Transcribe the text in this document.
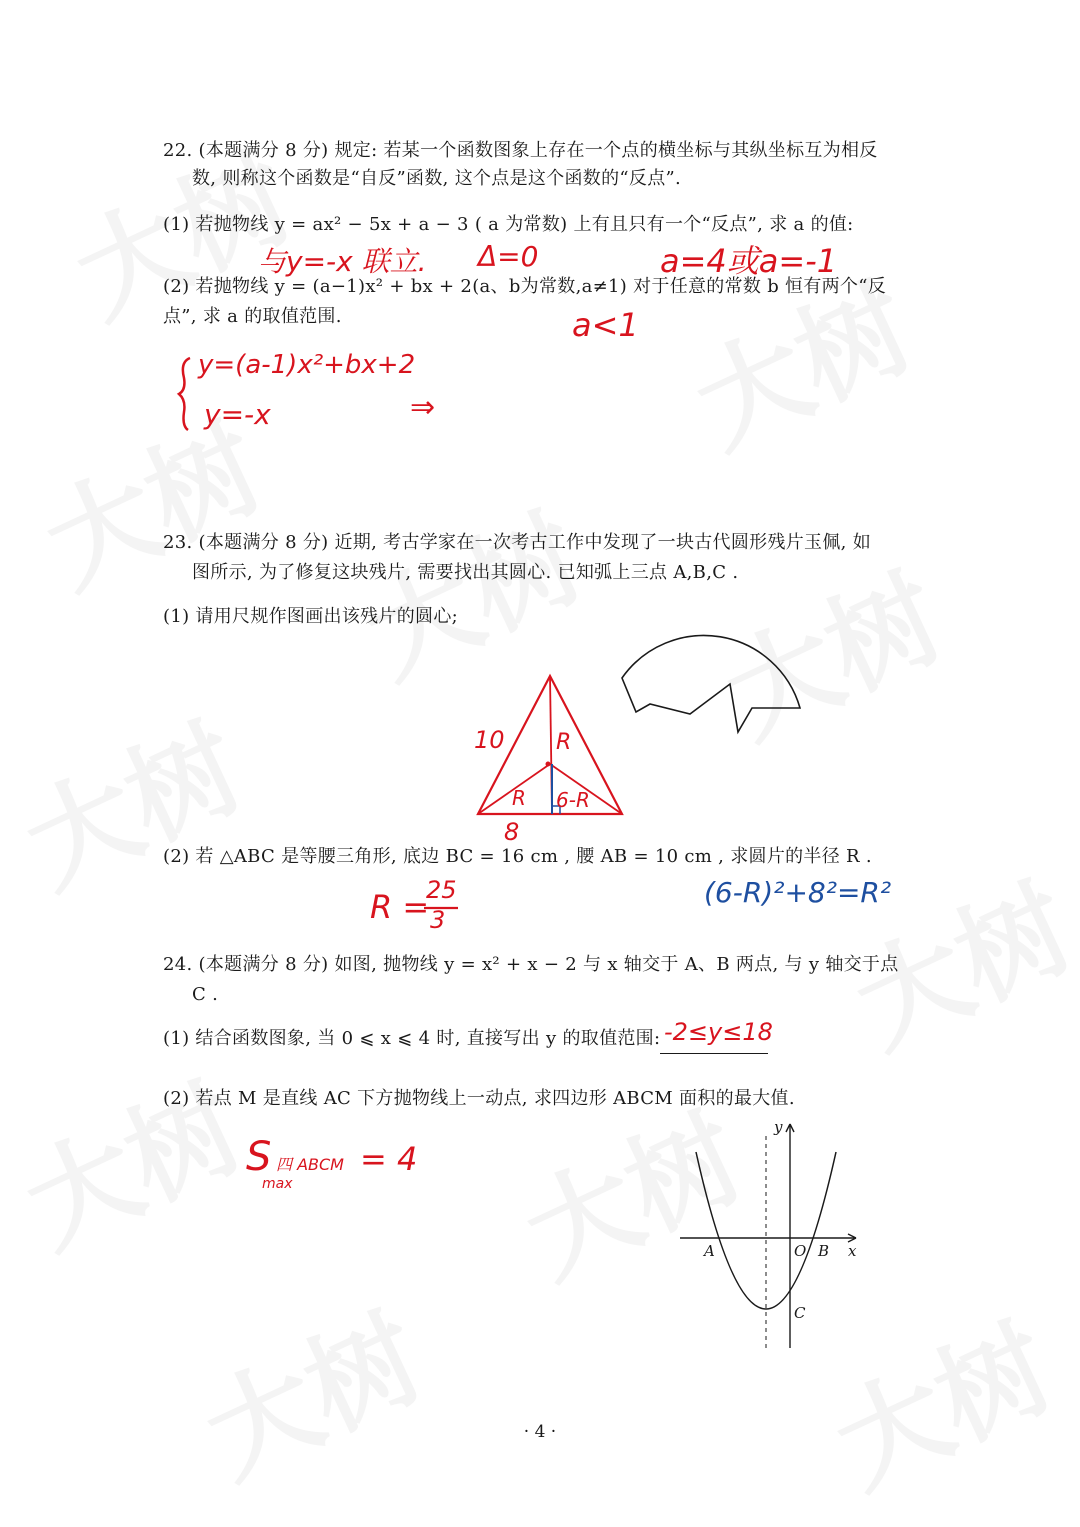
22. (本题满分 8 分) 规定: 若某一个函数图象上存在一个点的横坐标与其纵坐标互为相反
数, 则称这个函数是“自反”函数, 这个点是这个函数的“反点”.
(1) 若抛物线 y = ax² − 5x + a − 3 ( a 为常数) 上有且只有一个“反点”, 求 a 的值:
与y=-x 联立. Δ=0	a=4或a=-1
(2) 若抛物线 y = (a−1)x² + bx + 2(a、b为常数,a≠1) 对于任意的常数 b 恒有两个“反
点”, 求 a 的取值范围.	a<1
y=(a-1)x²+bx+2
y=-x	⇒
23. (本题满分 8 分) 近期, 考古学家在一次考古工作中发现了一块古代圆形残片玉佩, 如
图所示, 为了修复这块残片, 需要找出其圆心. 已知弧上三点 A,B,C .
(1) 请用尺规作图画出该残片的圆心;
10 R
R 6-R
8
(2) 若 △ABC 是等腰三角形, 底边 BC = 16 cm , 腰 AB = 10 cm , 求圆片的半径 R .
R =
25
3
(6-R)²+8²=R²
24. (本题满分 8 分) 如图, 抛物线 y = x² + x − 2 与 x 轴交于 A、B 两点, 与 y 轴交于点
C .
(1) 结合函数图象, 当 0 ⩽ x ⩽ 4 时, 直接写出 y 的取值范围: -2≤y≤18
(2) 若点 M 是直线 AC 下方抛物线上一动点, 求四边形 ABCM 面积的最大值.
S 四 ABCM
max
= 4
y
x
A	O B
C
· 4 ·
